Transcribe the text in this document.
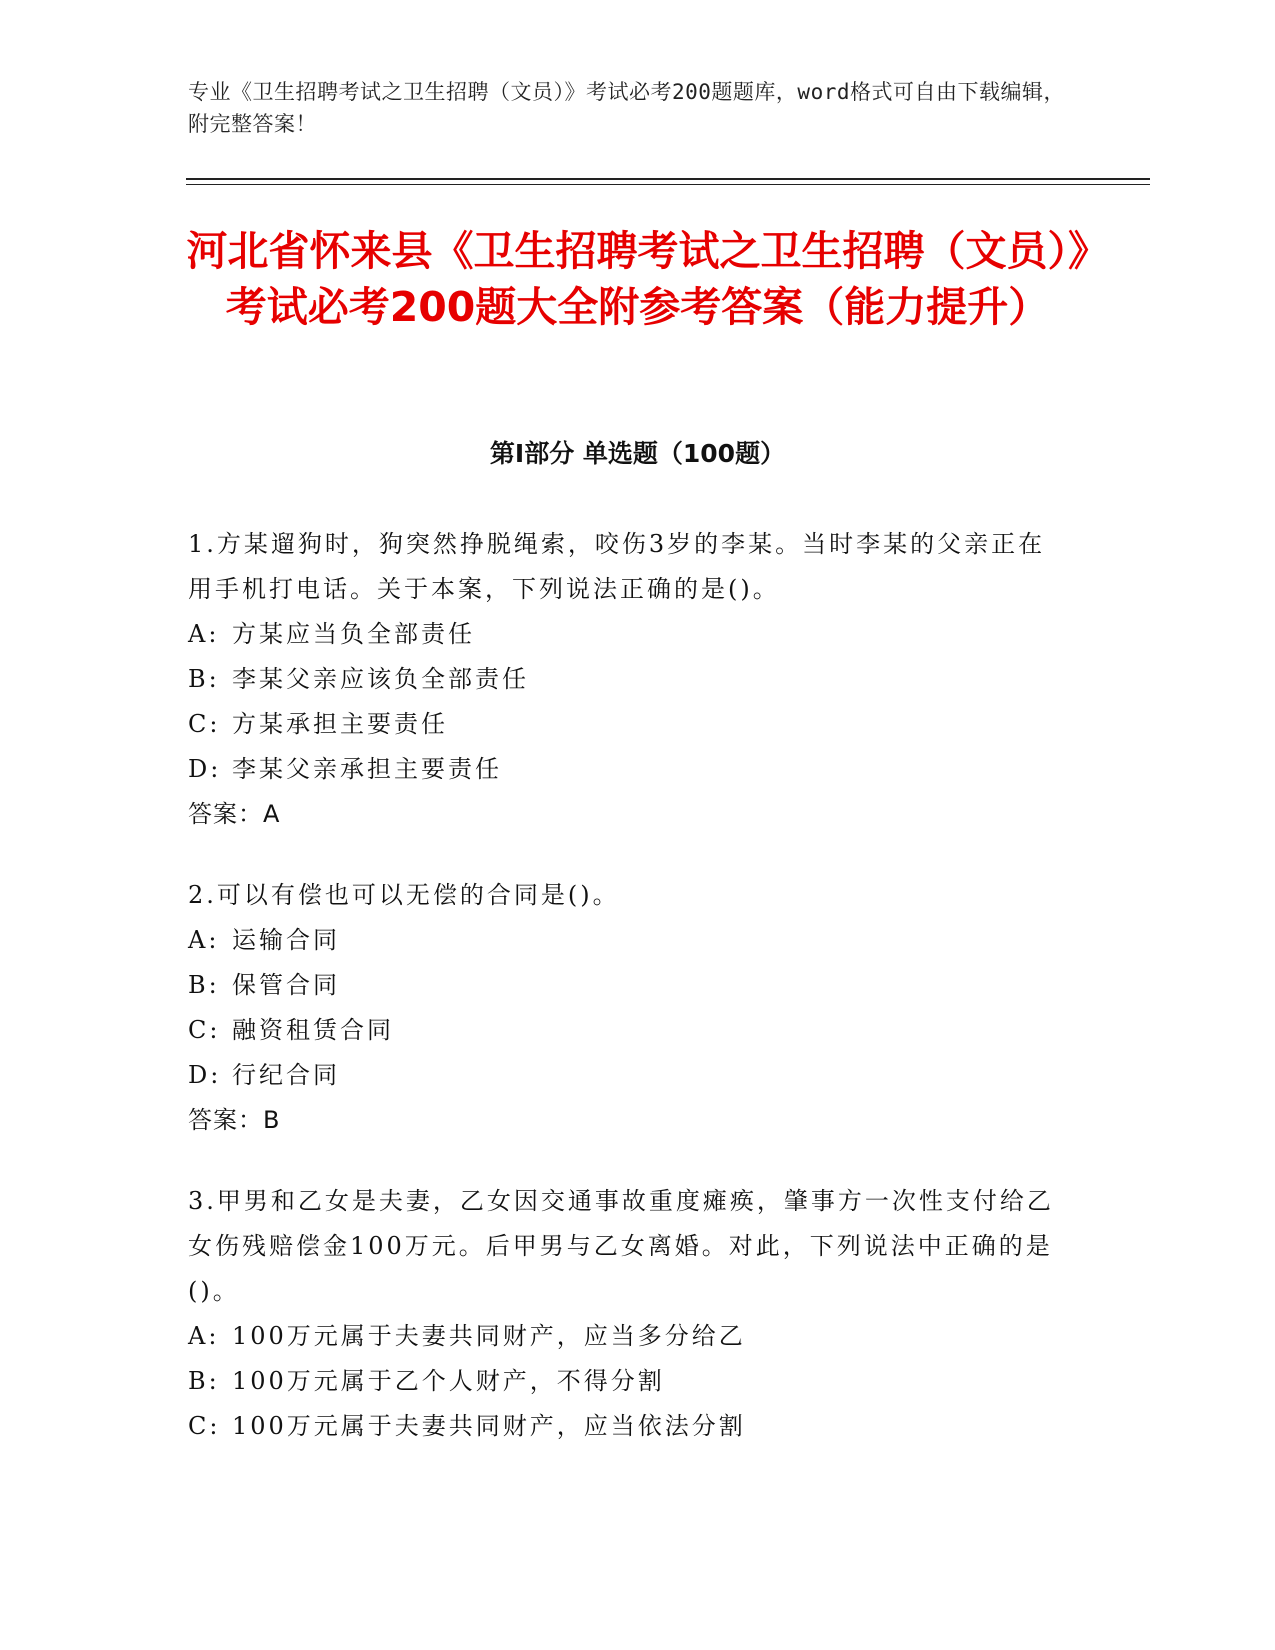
专业《卫生招聘考试之卫生招聘（文员）》考试必考200题题库，word格式可自由下载编辑，附完整答案！
河北省怀来县《卫生招聘考试之卫生招聘（文员）》考试必考200题大全附参考答案（能力提升）
第I部分 单选题（100题）

1.方某遛狗时，狗突然挣脱绳索，咬伤3岁的李某。当时李某的父亲正在用手机打电话。关于本案，下列说法正确的是()。

A: 方某应当负全部责任

B: 李某父亲应该负全部责任

C: 方某承担主要责任

D: 李某父亲承担主要责任

答案：A

2.可以有偿也可以无偿的合同是()。

A: 运输合同

B: 保管合同

C: 融资租赁合同

D: 行纪合同

答案：B

3.甲男和乙女是夫妻，乙女因交通事故重度瘫痪，肇事方一次性支付给乙女伤残赔偿金100万元。后甲男与乙女离婚。对此，下列说法中正确的是()。

A: 100万元属于夫妻共同财产，应当多分给乙

B: 100万元属于乙个人财产，不得分割

C: 100万元属于夫妻共同财产，应当依法分割
